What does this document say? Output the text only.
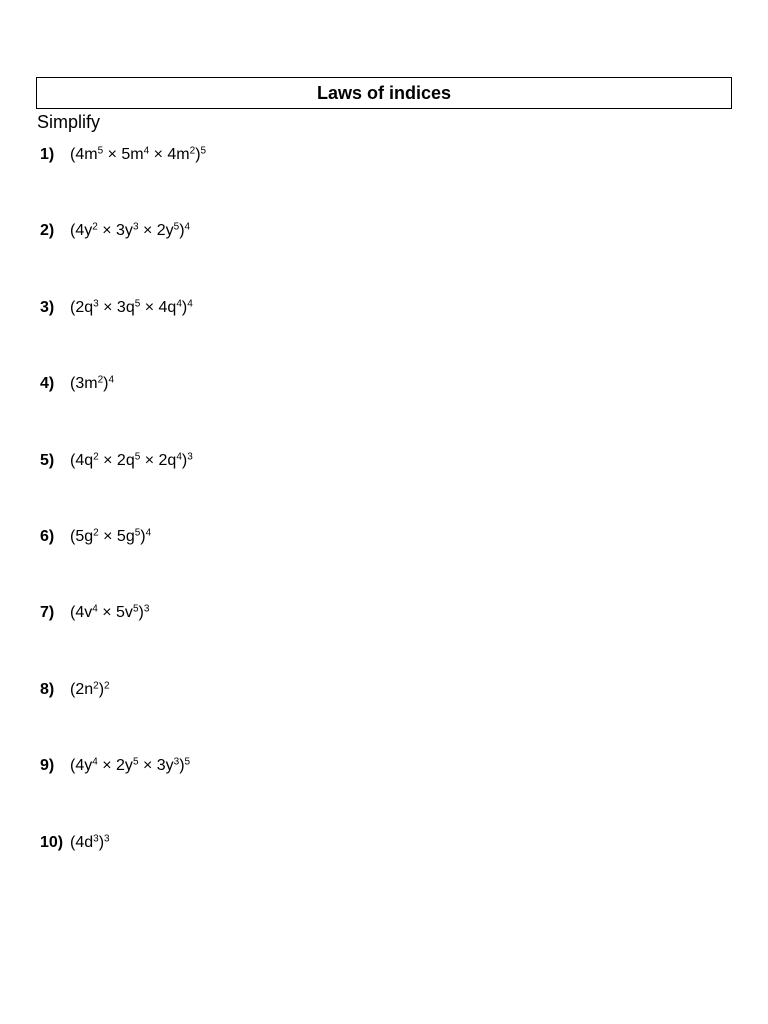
Laws of indices
Simplify
1) $(4m^5 \times 5m^4 \times 4m^2)^5$
2) $(4y^2 \times 3y^3 \times 2y^5)^4$
3) $(2q^3 \times 3q^5 \times 4q^4)^4$
4) $(3m^2)^4$
5) $(4q^2 \times 2q^5 \times 2q^4)^3$
6) $(5g^2 \times 5g^5)^4$
7) $(4v^4 \times 5v^5)^3$
8) $(2n^2)^2$
9) $(4y^4 \times 2y^5 \times 3y^3)^5$
10) $(4d^3)^3$
